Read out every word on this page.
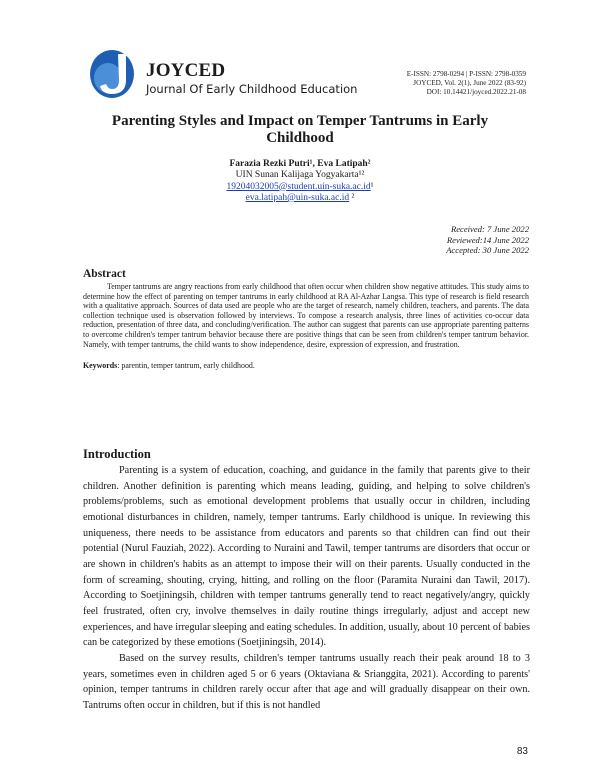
JOYCED
Journal Of Early Childhood Education
E-ISSN: 2798-0294 | P-ISSN: 2798-0359
JOYCED, Vol. 2(1), June 2022 (83-92)
DOI: 10.14421/joyced.2022.21-08
Parenting Styles and Impact on Temper Tantrums in Early Childhood
Farazia Rezki Putri¹, Eva Latipah²
UIN Sunan Kalijaga Yogyakarta¹²
19204032005@student.uin-suka.ac.id¹
eva.latipah@uin-suka.ac.id ²
Received: 7 June 2022
Reviewed:14 June 2022
Accepted: 30 June 2022
Abstract
Temper tantrums are angry reactions from early childhood that often occur when children show negative attitudes. This study aims to determine how the effect of parenting on temper tantrums in early childhood at RA Al-Azhar Langsa. This type of research is field research with a qualitative approach. Sources of data used are people who are the target of research, namely children, teachers, and parents. The data collection technique used is observation followed by interviews. To compose a research analysis, three lines of activities co-occur data reduction, presentation of three data, and concluding/verification. The author can suggest that parents can use appropriate parenting patterns to overcome children's temper tantrum behavior because there are positive things that can be seen from children's temper tantrum behavior. Namely, with temper tantrums, the child wants to show independence, desire, expression of expression, and frustration.
Keywords: parentin, temper tantrum, early childhood.
Introduction

Parenting is a system of education, coaching, and guidance in the family that parents give to their children. Another definition is parenting which means leading, guiding, and helping to solve children's problems/problems, such as emotional development problems that usually occur in children, including emotional disturbances in children, namely, temper tantrums. Early childhood is unique. In reviewing this uniqueness, there needs to be assistance from educators and parents so that children can find out their potential (Nurul Fauziah, 2022). According to Nuraini and Tawil, temper tantrums are disorders that occur or are shown in children's habits as an attempt to impose their will on their parents. Usually conducted in the form of screaming, shouting, crying, hitting, and rolling on the floor (Paramita Nuraini dan Tawil, 2017). According to Soetjiningsih, children with temper tantrums generally tend to react negatively/angry, quickly feel frustrated, often cry, involve themselves in daily routine things irregularly, adjust and accept new experiences, and have irregular sleeping and eating schedules. In addition, usually, about 10 percent of babies can be categorized by these emotions (Soetjiningsih, 2014).

Based on the survey results, children's temper tantrums usually reach their peak around 18 to 3 years, sometimes even in children aged 5 or 6 years (Oktaviana & Srianggita, 2021). According to parents' opinion, temper tantrums in children rarely occur after that age and will gradually disappear on their own. Tantrums often occur in children, but if this is not handled

83
